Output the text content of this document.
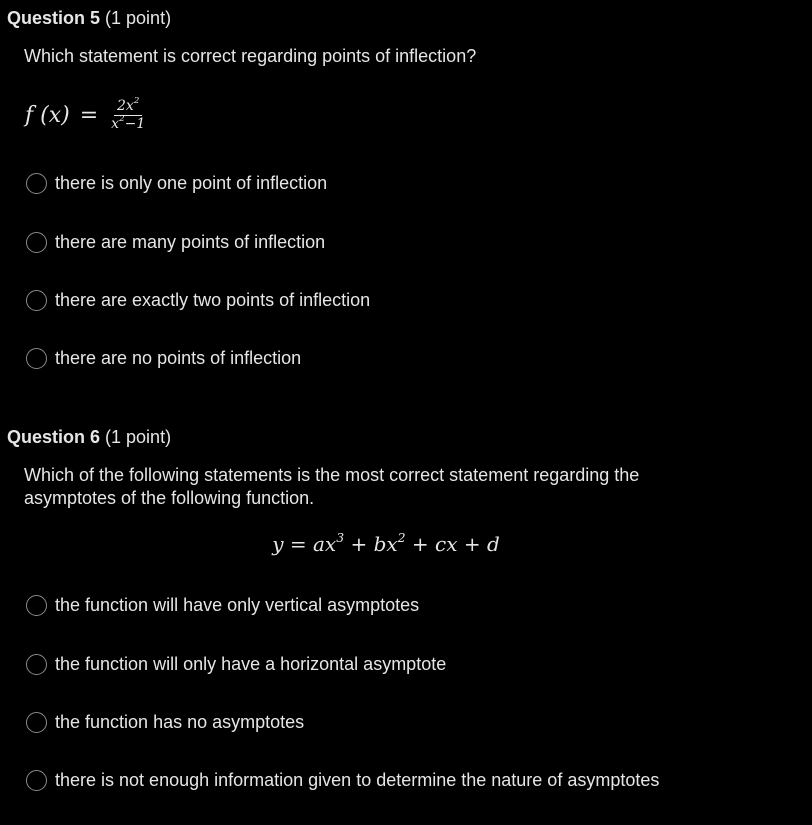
Question 5 (1 point)
Which statement is correct regarding points of inflection?
f $(x) = \frac{2x^2}{x^2-1}$
there is only one point of inflection
there are many points of inflection
there are exactly two points of inflection
there are no points of inflection
Question 6 (1 point)
Which of the following statements is the most correct statement regarding the asymptotes of the following function.
$y = ax^3 + bx^2$ + cx + d
the function will have only vertical asymptotes
the function will only have a horizontal asymptote
the function has no asymptotes
there is not enough information given to determine the nature of asymptotes
